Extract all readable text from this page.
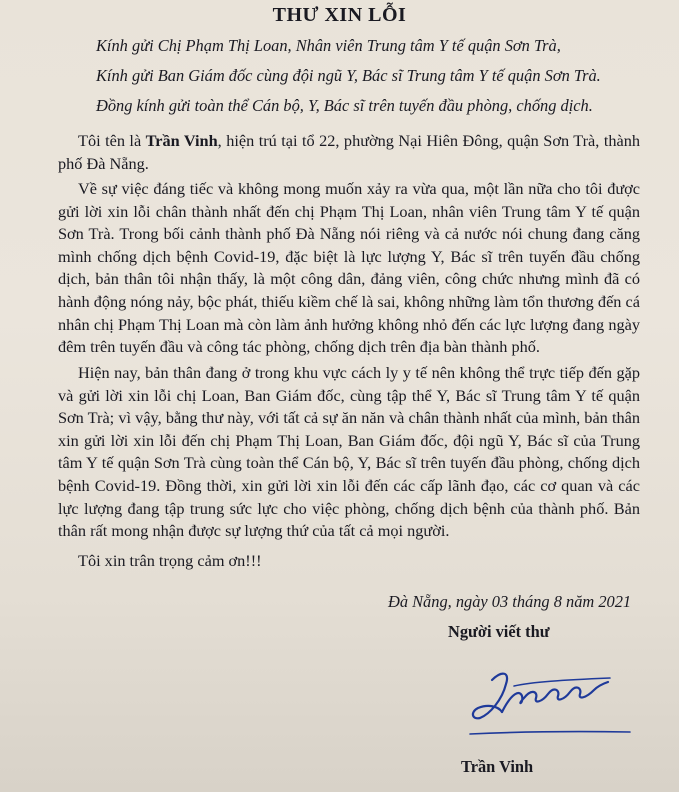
THƯ XIN LỖI
Kính gửi Chị Phạm Thị Loan, Nhân viên Trung tâm Y tế quận Sơn Trà,
Kính gửi Ban Giám đốc cùng đội ngũ Y, Bác sĩ Trung tâm Y tế quận Sơn Trà.
Đồng kính gửi toàn thể Cán bộ, Y, Bác sĩ trên tuyến đầu phòng, chống dịch.

Tôi tên là Trần Vinh, hiện trú tại tổ 22, phường Nại Hiên Đông, quận Sơn Trà, thành phố Đà Nẵng.

Về sự việc đáng tiếc và không mong muốn xảy ra vừa qua, một lần nữa cho tôi được gửi lời xin lỗi chân thành nhất đến chị Phạm Thị Loan, nhân viên Trung tâm Y tế quận Sơn Trà. Trong bối cảnh thành phố Đà Nẵng nói riêng và cả nước nói chung đang căng mình chống dịch bệnh Covid-19, đặc biệt là lực lượng Y, Bác sĩ trên tuyến đầu chống dịch, bản thân tôi nhận thấy, là một công dân, đảng viên, công chức nhưng mình đã có hành động nóng nảy, bộc phát, thiếu kiềm chế là sai, không những làm tổn thương đến cá nhân chị Phạm Thị Loan mà còn làm ảnh hưởng không nhỏ đến các lực lượng đang ngày đêm trên tuyến đầu và công tác phòng, chống dịch trên địa bàn thành phố.

Hiện nay, bản thân đang ở trong khu vực cách ly y tế nên không thể trực tiếp đến gặp và gửi lời xin lỗi chị Loan, Ban Giám đốc, cùng tập thể Y, Bác sĩ Trung tâm Y tế quận Sơn Trà; vì vậy, bằng thư này, với tất cả sự ăn năn và chân thành nhất của mình, bản thân xin gửi lời xin lỗi đến chị Phạm Thị Loan, Ban Giám đốc, đội ngũ Y, Bác sĩ của Trung tâm Y tế quận Sơn Trà cùng toàn thể Cán bộ, Y, Bác sĩ trên tuyến đầu phòng, chống dịch bệnh Covid-19. Đồng thời, xin gửi lời xin lỗi đến các cấp lãnh đạo, các cơ quan và các lực lượng đang tập trung sức lực cho việc phòng, chống dịch bệnh của thành phố. Bản thân rất mong nhận được sự lượng thứ của tất cả mọi người.

Tôi xin trân trọng cảm ơn!!!

Đà Nẵng, ngày 03 tháng 8 năm 2021
Người viết thư
Trần Vinh
